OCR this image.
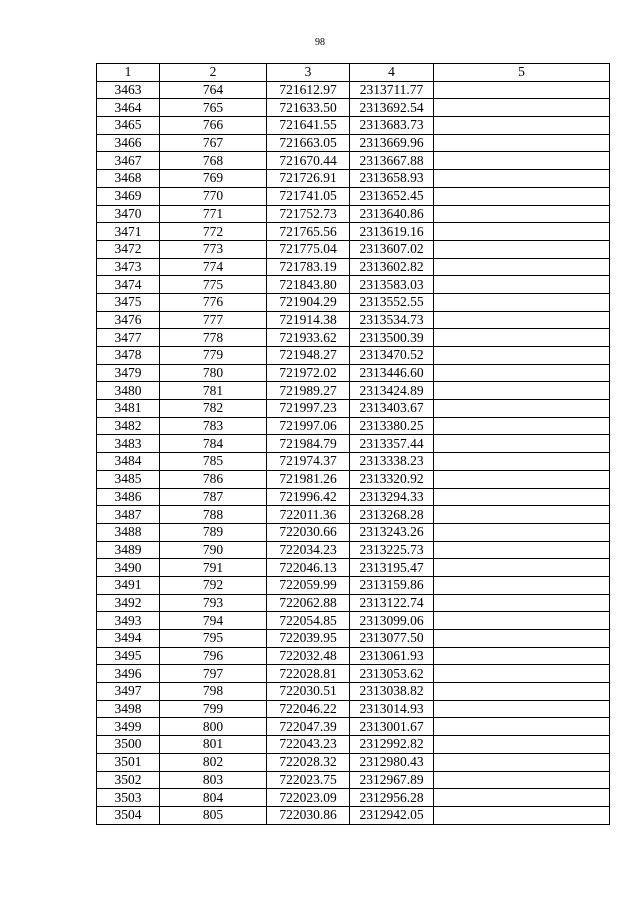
98
1	2	3	4	5
3463	764	721612.97	2313711.77	
3464	765	721633.50	2313692.54	
3465	766	721641.55	2313683.73	
3466	767	721663.05	2313669.96	
3467	768	721670.44	2313667.88	
3468	769	721726.91	2313658.93	
3469	770	721741.05	2313652.45	
3470	771	721752.73	2313640.86	
3471	772	721765.56	2313619.16	
3472	773	721775.04	2313607.02	
3473	774	721783.19	2313602.82	
3474	775	721843.80	2313583.03	
3475	776	721904.29	2313552.55	
3476	777	721914.38	2313534.73	
3477	778	721933.62	2313500.39	
3478	779	721948.27	2313470.52	
3479	780	721972.02	2313446.60	
3480	781	721989.27	2313424.89	
3481	782	721997.23	2313403.67	
3482	783	721997.06	2313380.25	
3483	784	721984.79	2313357.44	
3484	785	721974.37	2313338.23	
3485	786	721981.26	2313320.92	
3486	787	721996.42	2313294.33	
3487	788	722011.36	2313268.28	
3488	789	722030.66	2313243.26	
3489	790	722034.23	2313225.73	
3490	791	722046.13	2313195.47	
3491	792	722059.99	2313159.86	
3492	793	722062.88	2313122.74	
3493	794	722054.85	2313099.06	
3494	795	722039.95	2313077.50	
3495	796	722032.48	2313061.93	
3496	797	722028.81	2313053.62	
3497	798	722030.51	2313038.82	
3498	799	722046.22	2313014.93	
3499	800	722047.39	2313001.67	
3500	801	722043.23	2312992.82	
3501	802	722028.32	2312980.43	
3502	803	722023.75	2312967.89	
3503	804	722023.09	2312956.28	
3504	805	722030.86	2312942.05	
